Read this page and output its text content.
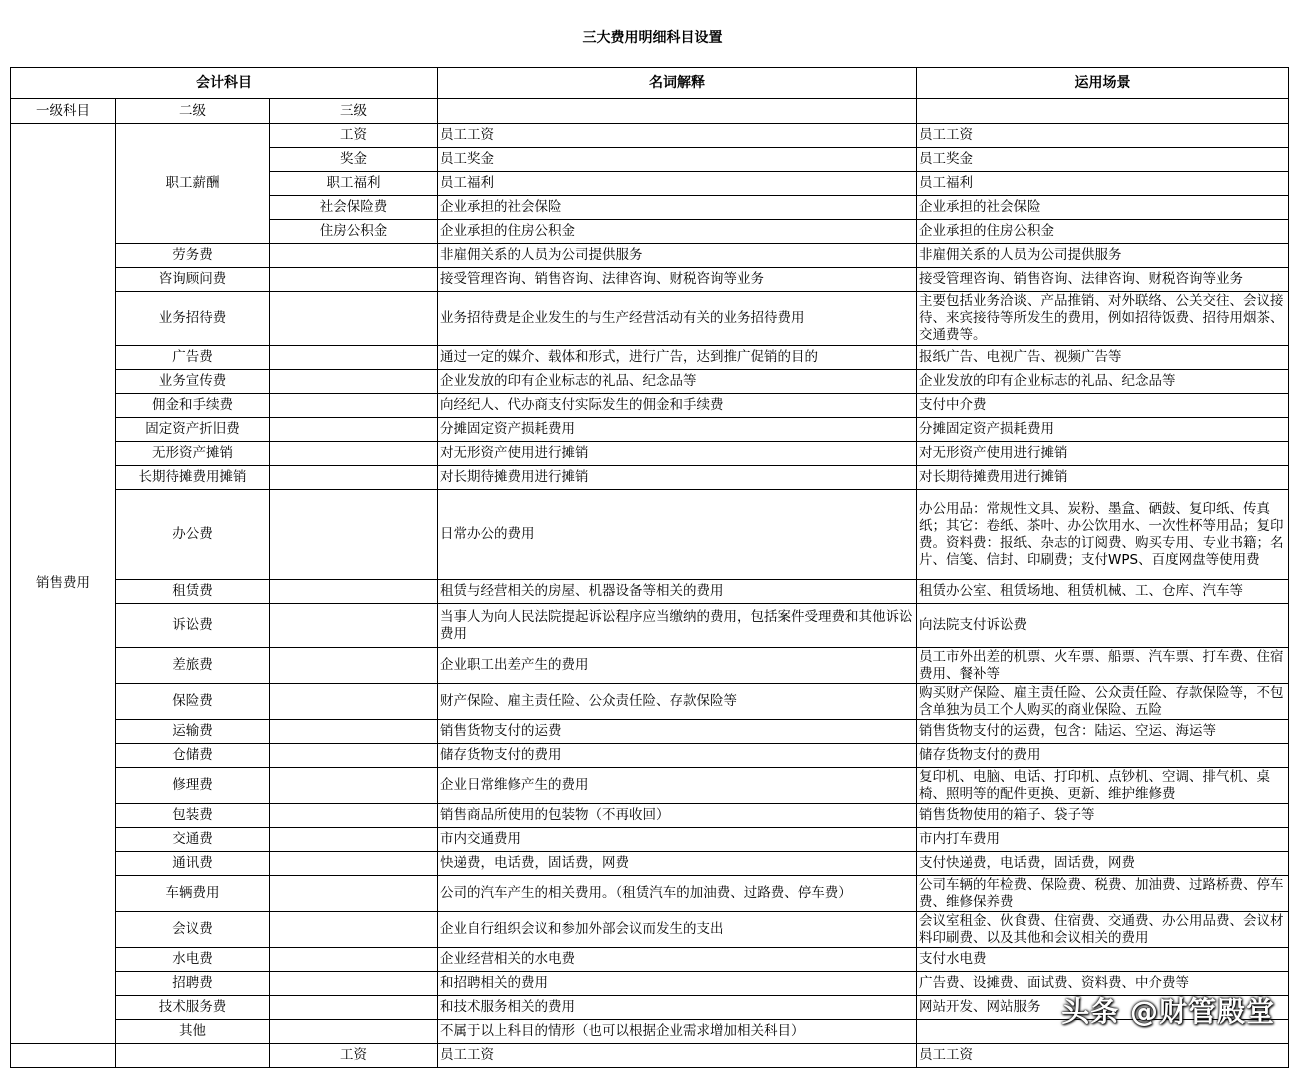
三大费用明细科目设置
会计科目			名词解释	运用场景
一级科目	二级	三级		
销售费用	职工薪酬	工资	员工工资	员工工资
		奖金	员工奖金	员工奖金
		职工福利	员工福利	员工福利
		社会保险费	企业承担的社会保险	企业承担的社会保险
		住房公积金	企业承担的住房公积金	企业承担的住房公积金
	劳务费		非雇佣关系的人员为公司提供服务	非雇佣关系的人员为公司提供服务
	咨询顾问费		接受管理咨询、销售咨询、法律咨询、财税咨询等业务	接受管理咨询、销售咨询、法律咨询、财税咨询等业务
	业务招待费		业务招待费是企业发生的与生产经营活动有关的业务招待费用	主要包括业务洽谈、产品推销、对外联络、公关交往、会议接待、来宾接待等所发生的费用，例如招待饭费、招待用烟茶、交通费等。
	广告费		通过一定的媒介、载体和形式，进行广告，达到推广促销的目的	报纸广告、电视广告、视频广告等
	业务宣传费		企业发放的印有企业标志的礼品、纪念品等	企业发放的印有企业标志的礼品、纪念品等
	佣金和手续费		向经纪人、代办商支付实际发生的佣金和手续费	支付中介费
	固定资产折旧费		分摊固定资产损耗费用	分摊固定资产损耗费用
	无形资产摊销		对无形资产使用进行摊销	对无形资产使用进行摊销
	长期待摊费用摊销		对长期待摊费用进行摊销	对长期待摊费用进行摊销
	办公费		日常办公的费用	办公用品：常规性文具、炭粉、墨盒、硒鼓、复印纸、传真纸；其它：卷纸、茶叶、办公饮用水、一次性杯等用品；复印费。资料费：报纸、杂志的订阅费、购买专用、专业书籍；名片、信笺、信封、印刷费；支付WPS、百度网盘等使用费
	租赁费		租赁与经营相关的房屋、机器设备等相关的费用	租赁办公室、租赁场地、租赁机械、工、仓库、汽车等
	诉讼费		当事人为向人民法院提起诉讼程序应当缴纳的费用，包括案件受理费和其他诉讼费用	向法院支付诉讼费
	差旅费		企业职工出差产生的费用	员工市外出差的机票、火车票、船票、汽车票、打车费、住宿费用、餐补等
	保险费		财产保险、雇主责任险、公众责任险、存款保险等	购买财产保险、雇主责任险、公众责任险、存款保险等，不包含单独为员工个人购买的商业保险、五险
	运输费		销售货物支付的运费	销售货物支付的运费，包含：陆运、空运、海运等
	仓储费		储存货物支付的费用	储存货物支付的费用
	修理费		企业日常维修产生的费用	复印机、电脑、电话、打印机、点钞机、空调、排气机、桌椅、照明等的配件更换、更新、维护维修费
	包装费		销售商品所使用的包装物（不再收回）	销售货物使用的箱子、袋子等
	交通费		市内交通费用	市内打车费用
	通讯费		快递费，电话费，固话费，网费	支付快递费，电话费，固话费，网费
	车辆费用		公司的汽车产生的相关费用。（租赁汽车的加油费、过路费、停车费）	公司车辆的年检费、保险费、税费、加油费、过路桥费、停车费、维修保养费
	会议费		企业自行组织会议和参加外部会议而发生的支出	会议室租金、伙食费、住宿费、交通费、办公用品费、会议材料印刷费、以及其他和会议相关的费用
	水电费		企业经营相关的水电费	支付水电费
	招聘费		和招聘相关的费用	广告费、设摊费、面试费、资料费、中介费等
	技术服务费		和技术服务相关的费用	网站开发、网站服务
	其他		不属于以上科目的情形（也可以根据企业需求增加相关科目）	
		工资	员工工资	员工工资
头条 @财管殿堂
